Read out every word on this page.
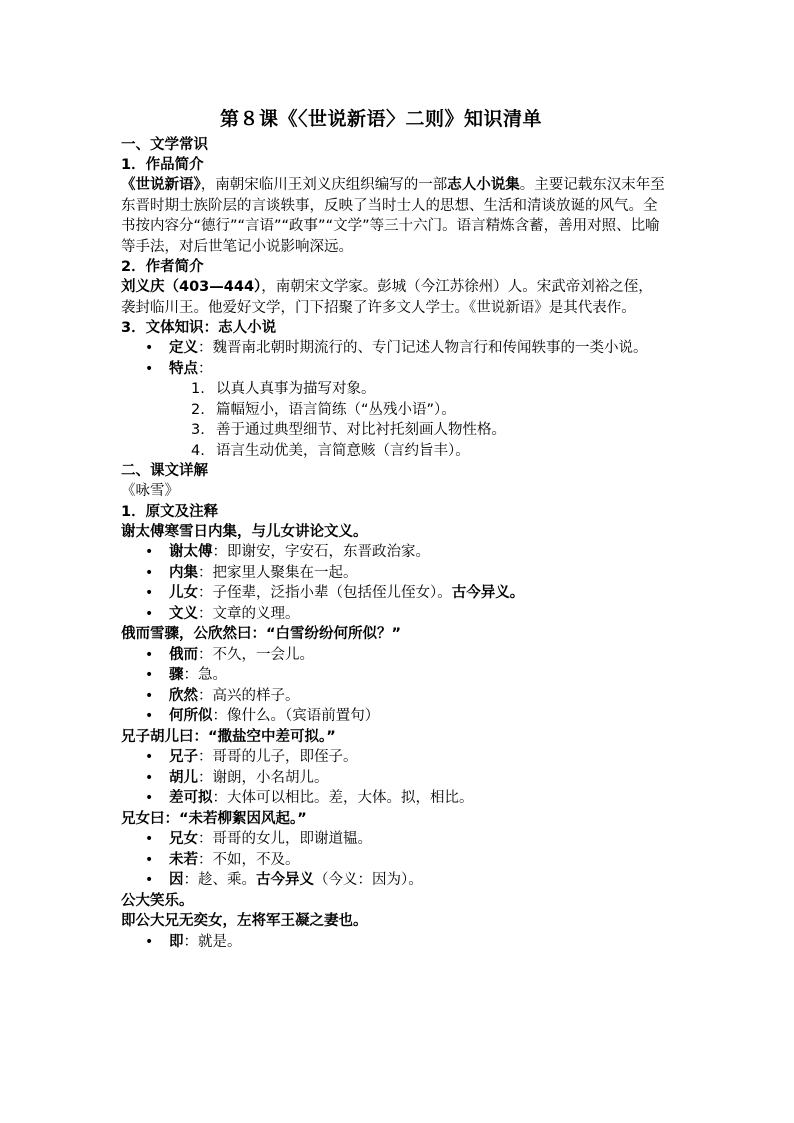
第８课《〈世说新语〉二则》知识清单
一、文学常识
1．作品简介
《世说新语》，南朝宋临川王刘义庆组织编写的一部志人小说集。主要记载东汉末年至东晋时期士族阶层的言谈轶事，反映了当时士人的思想、生活和清谈放诞的风气。全书按内容分“德行”“言语”“政事”“文学”等三十六门。语言精炼含蓄，善用对照、比喻等手法，对后世笔记小说影响深远。
2．作者简介
刘义庆（403—444），南朝宋文学家。彭城（今江苏徐州）人。宋武帝刘裕之侄，袭封临川王。他爱好文学，门下招聚了许多文人学士。《世说新语》是其代表作。
3．文体知识：志人小说
• 定义：魏晋南北朝时期流行的、专门记述人物言行和传闻轶事的一类小说。
• 特点：
1. 以真人真事为描写对象。
2. 篇幅短小，语言简练（“丛残小语”）。
3. 善于通过典型细节、对比衬托刻画人物性格。
4. 语言生动优美，言简意赅（言约旨丰）。
二、课文详解
《咏雪》
1．原文及注释
谢太傅寒雪日内集，与儿女讲论文义。
• 谢太傅：即谢安，字安石，东晋政治家。
• 内集：把家里人聚集在一起。
• 儿女：子侄辈，泛指小辈（包括侄儿侄女）。古今异义。
• 文义：文章的义理。
俄而雪骤，公欣然曰：“白雪纷纷何所似？”
• 俄而：不久，一会儿。
• 骤：急。
• 欣然：高兴的样子。
• 何所似：像什么。（宾语前置句）
兄子胡儿曰：“撒盐空中差可拟。”
• 兄子：哥哥的儿子，即侄子。
• 胡儿：谢朗，小名胡儿。
• 差可拟：大体可以相比。差，大体。拟，相比。
兄女曰：“未若柳絮因风起。”
• 兄女：哥哥的女儿，即谢道韫。
• 未若：不如，不及。
• 因：趁、乘。古今异义（今义：因为）。
公大笑乐。
即公大兄无奕女，左将军王凝之妻也。
• 即：就是。
